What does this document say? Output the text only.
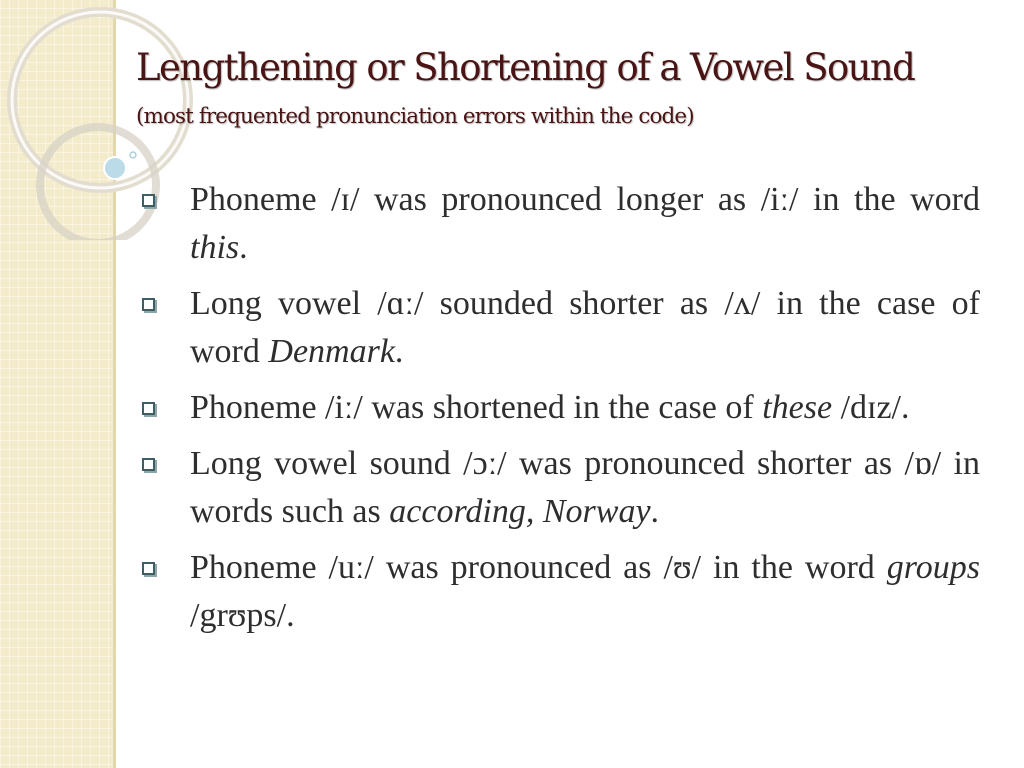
Lengthening or Shortening of a Vowel Sound
(most frequented pronunciation errors within the code)
Phoneme /ɪ/ was pronounced longer as /iː/ in the word this.
Long vowel /ɑː/ sounded shorter as /ʌ/ in the case of word Denmark.
Phoneme /iː/ was shortened in the case of these /dɪz/.
Long vowel sound /ɔː/ was pronounced shorter as /ɒ/ in words such as according, Norway.
Phoneme /uː/ was pronounced as /ʊ/ in the word groups /grʊps/.
